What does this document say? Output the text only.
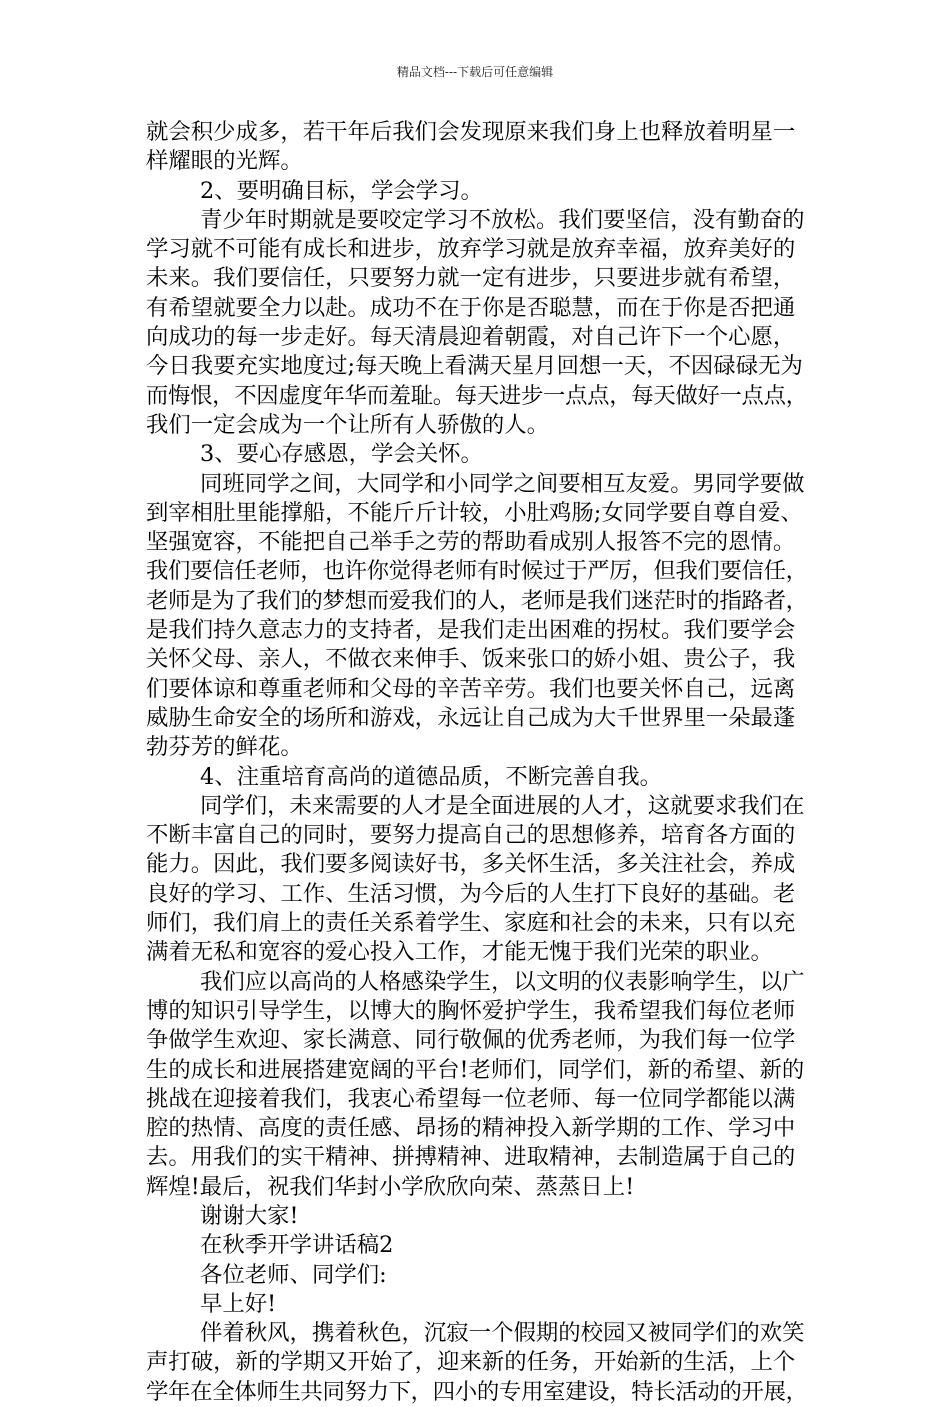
精品文档---下载后可任意编辑

就会积少成多，若干年后我们会发现原来我们身上也释放着明星一
样耀眼的光辉。
2、要明确目标，学会学习。
青少年时期就是要咬定学习不放松。我们要坚信，没有勤奋的
学习就不可能有成长和进步，放弃学习就是放弃幸福，放弃美好的
未来。我们要信任，只要努力就一定有进步，只要进步就有希望，
有希望就要全力以赴。成功不在于你是否聪慧，而在于你是否把通
向成功的每一步走好。每天清晨迎着朝霞，对自己许下一个心愿，
今日我要充实地度过;每天晚上看满天星月回想一天，不因碌碌无为
而悔恨，不因虚度年华而羞耻。每天进步一点点，每天做好一点点，
我们一定会成为一个让所有人骄傲的人。
3、要心存感恩，学会关怀。
同班同学之间，大同学和小同学之间要相互友爱。男同学要做
到宰相肚里能撑船，不能斤斤计较，小肚鸡肠;女同学要自尊自爱、
坚强宽容，不能把自己举手之劳的帮助看成别人报答不完的恩情。
我们要信任老师，也许你觉得老师有时候过于严厉，但我们要信任，
老师是为了我们的梦想而爱我们的人，老师是我们迷茫时的指路者，
是我们持久意志力的支持者，是我们走出困难的拐杖。我们要学会
关怀父母、亲人，不做衣来伸手、饭来张口的娇小姐、贵公子，我
们要体谅和尊重老师和父母的辛苦辛劳。我们也要关怀自己，远离
威胁生命安全的场所和游戏，永远让自己成为大千世界里一朵最蓬
勃芬芳的鲜花。
4、注重培育高尚的道德品质，不断完善自我。
同学们，未来需要的人才是全面进展的人才，这就要求我们在
不断丰富自己的同时，要努力提高自己的思想修养，培育各方面的
能力。因此，我们要多阅读好书，多关怀生活，多关注社会，养成
良好的学习、工作、生活习惯，为今后的人生打下良好的基础。老
师们，我们肩上的责任关系着学生、家庭和社会的未来，只有以充
满着无私和宽容的爱心投入工作，才能无愧于我们光荣的职业。
我们应以高尚的人格感染学生，以文明的仪表影响学生，以广
博的知识引导学生，以博大的胸怀爱护学生，我希望我们每位老师
争做学生欢迎、家长满意、同行敬佩的优秀老师，为我们每一位学
生的成长和进展搭建宽阔的平台!老师们，同学们，新的希望、新的
挑战在迎接着我们，我衷心希望每一位老师、每一位同学都能以满
腔的热情、高度的责任感、昂扬的精神投入新学期的工作、学习中
去。用我们的实干精神、拼搏精神、进取精神，去制造属于自己的
辉煌!最后，祝我们华封小学欣欣向荣、蒸蒸日上!
谢谢大家!
在秋季开学讲话稿2
各位老师、同学们:
早上好!
伴着秋风，携着秋色，沉寂一个假期的校园又被同学们的欢笑
声打破，新的学期又开始了，迎来新的任务，开始新的生活，上个
学年在全体师生共同努力下，四小的专用室建设，特长活动的开展，
